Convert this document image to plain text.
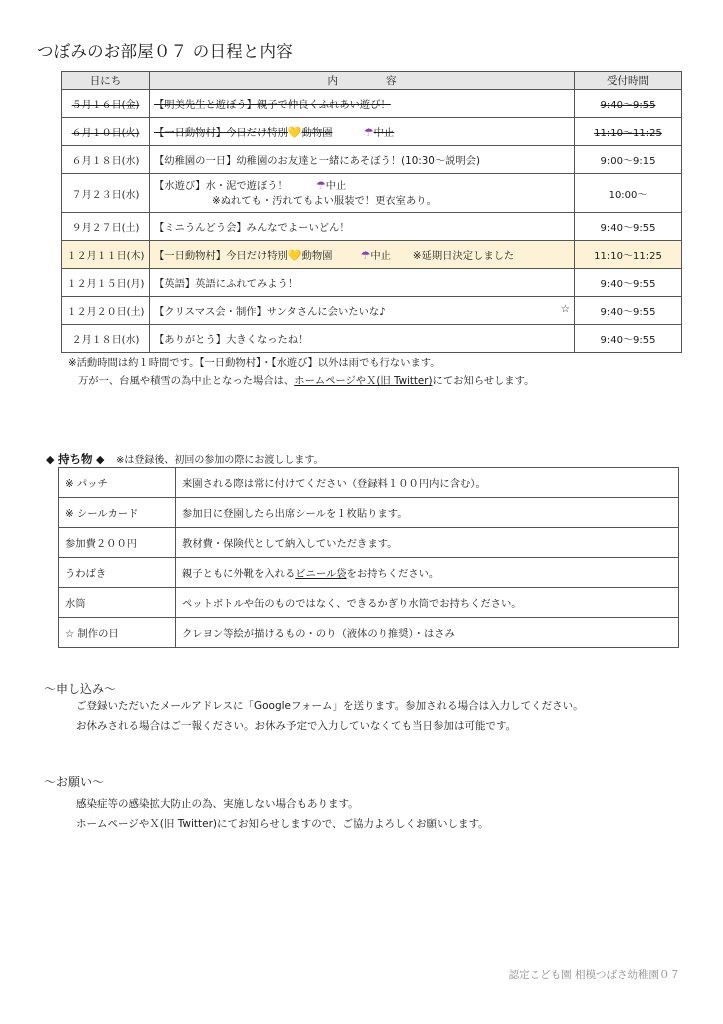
つぼみのお部屋０７ の日程と内容
日にち	内 容	受付時間
５月１６日(金)	【明美先生と遊ぼう】親子で仲良くふれあい遊び！	9:40～9:55
６月１０日(火)	【一日動物村】今日だけ特別💛動物園 ☂中止	11:10～11:25
６月１８日(水)	【幼稚園の一日】幼稚園のお友達と一緒にあそぼう！(10:30～説明会)	9:00～9:15
７月２３日(水)	【水遊び】水・泥で遊ぼう！ ☂中止
※ぬれても・汚れてもよい服装で！更衣室あり。	10:00～
９月２７日(土)	【ミニうんどう会】みんなでよーいどん！	9:40～9:55
１２月１１日(木)	【一日動物村】今日だけ特別💛動物園 ☂中止 ※延期日決定しました	11:10～11:25
１２月１５日(月)	【英語】英語にふれてみよう！	9:40～9:55
１２月２０日(土)	【クリスマス会・制作】サンタさんに会いたいな♪ ☆	9:40～9:55
２月１８日(水)	【ありがとう】大きくなったね！	9:40～9:55
※活動時間は約１時間です。【一日動物村】・【水遊び】以外は雨でも行ないます。
万が一、台風や積雪の為中止となった場合は、ホームページやＸ(旧 Twitter)にてお知らせします。
◆ 持ち物 ◆ ※は登録後、初回の参加の際にお渡しします。
※ パッチ	来園される際は常に付けてください（登録料１００円内に含む）。
※ シールカード	参加日に登園したら出席シールを１枚貼ります。
参加費２００円	教材費・保険代として納入していただきます。
うわばき	親子ともに外靴を入れるビニール袋をお持ちください。
水筒	ペットボトルや缶のものではなく、できるかぎり水筒でお持ちください。
☆ 制作の日	クレヨン等絵が描けるもの・のり（液体のり推奨）・はさみ
～申し込み～
ご登録いただいたメールアドレスに「Googleフォーム」を送ります。参加される場合は入力してください。
お休みされる場合はご一報ください。お休み予定で入力していなくても当日参加は可能です。
～お願い～
感染症等の感染拡大防止の為、実施しない場合もあります。
ホームページやＸ(旧 Twitter)にてお知らせしますので、ご協力よろしくお願いします。
認定こども園 相模つばさ幼稚園０７
